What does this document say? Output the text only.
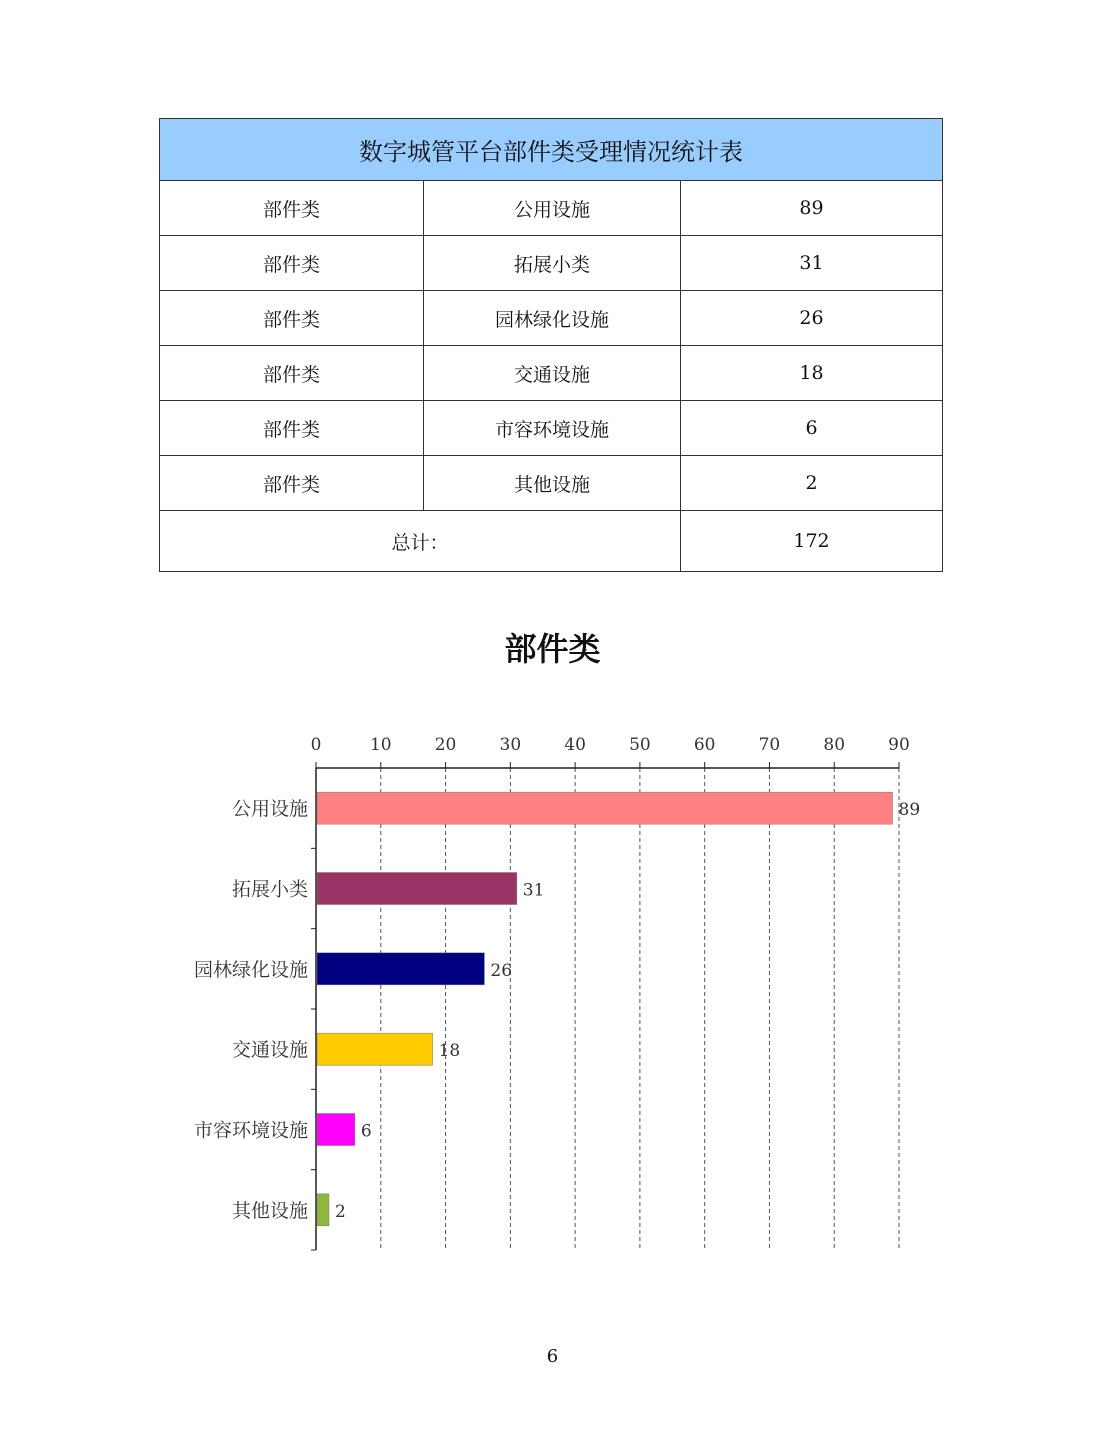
数字城管平台部件类受理情况统计表		
部件类	公用设施	89
部件类	拓展小类	31
部件类	园林绿化设施	26
部件类	交通设施	18
部件类	市容环境设施	6
部件类	其他设施	2
总计：		172
部件类
0	10	20	30	40	50	60	70	80	90
公用设施	89
拓展小类	31
园林绿化设施	26
交通设施	18
市容环境设施	6
其他设施 2
6
